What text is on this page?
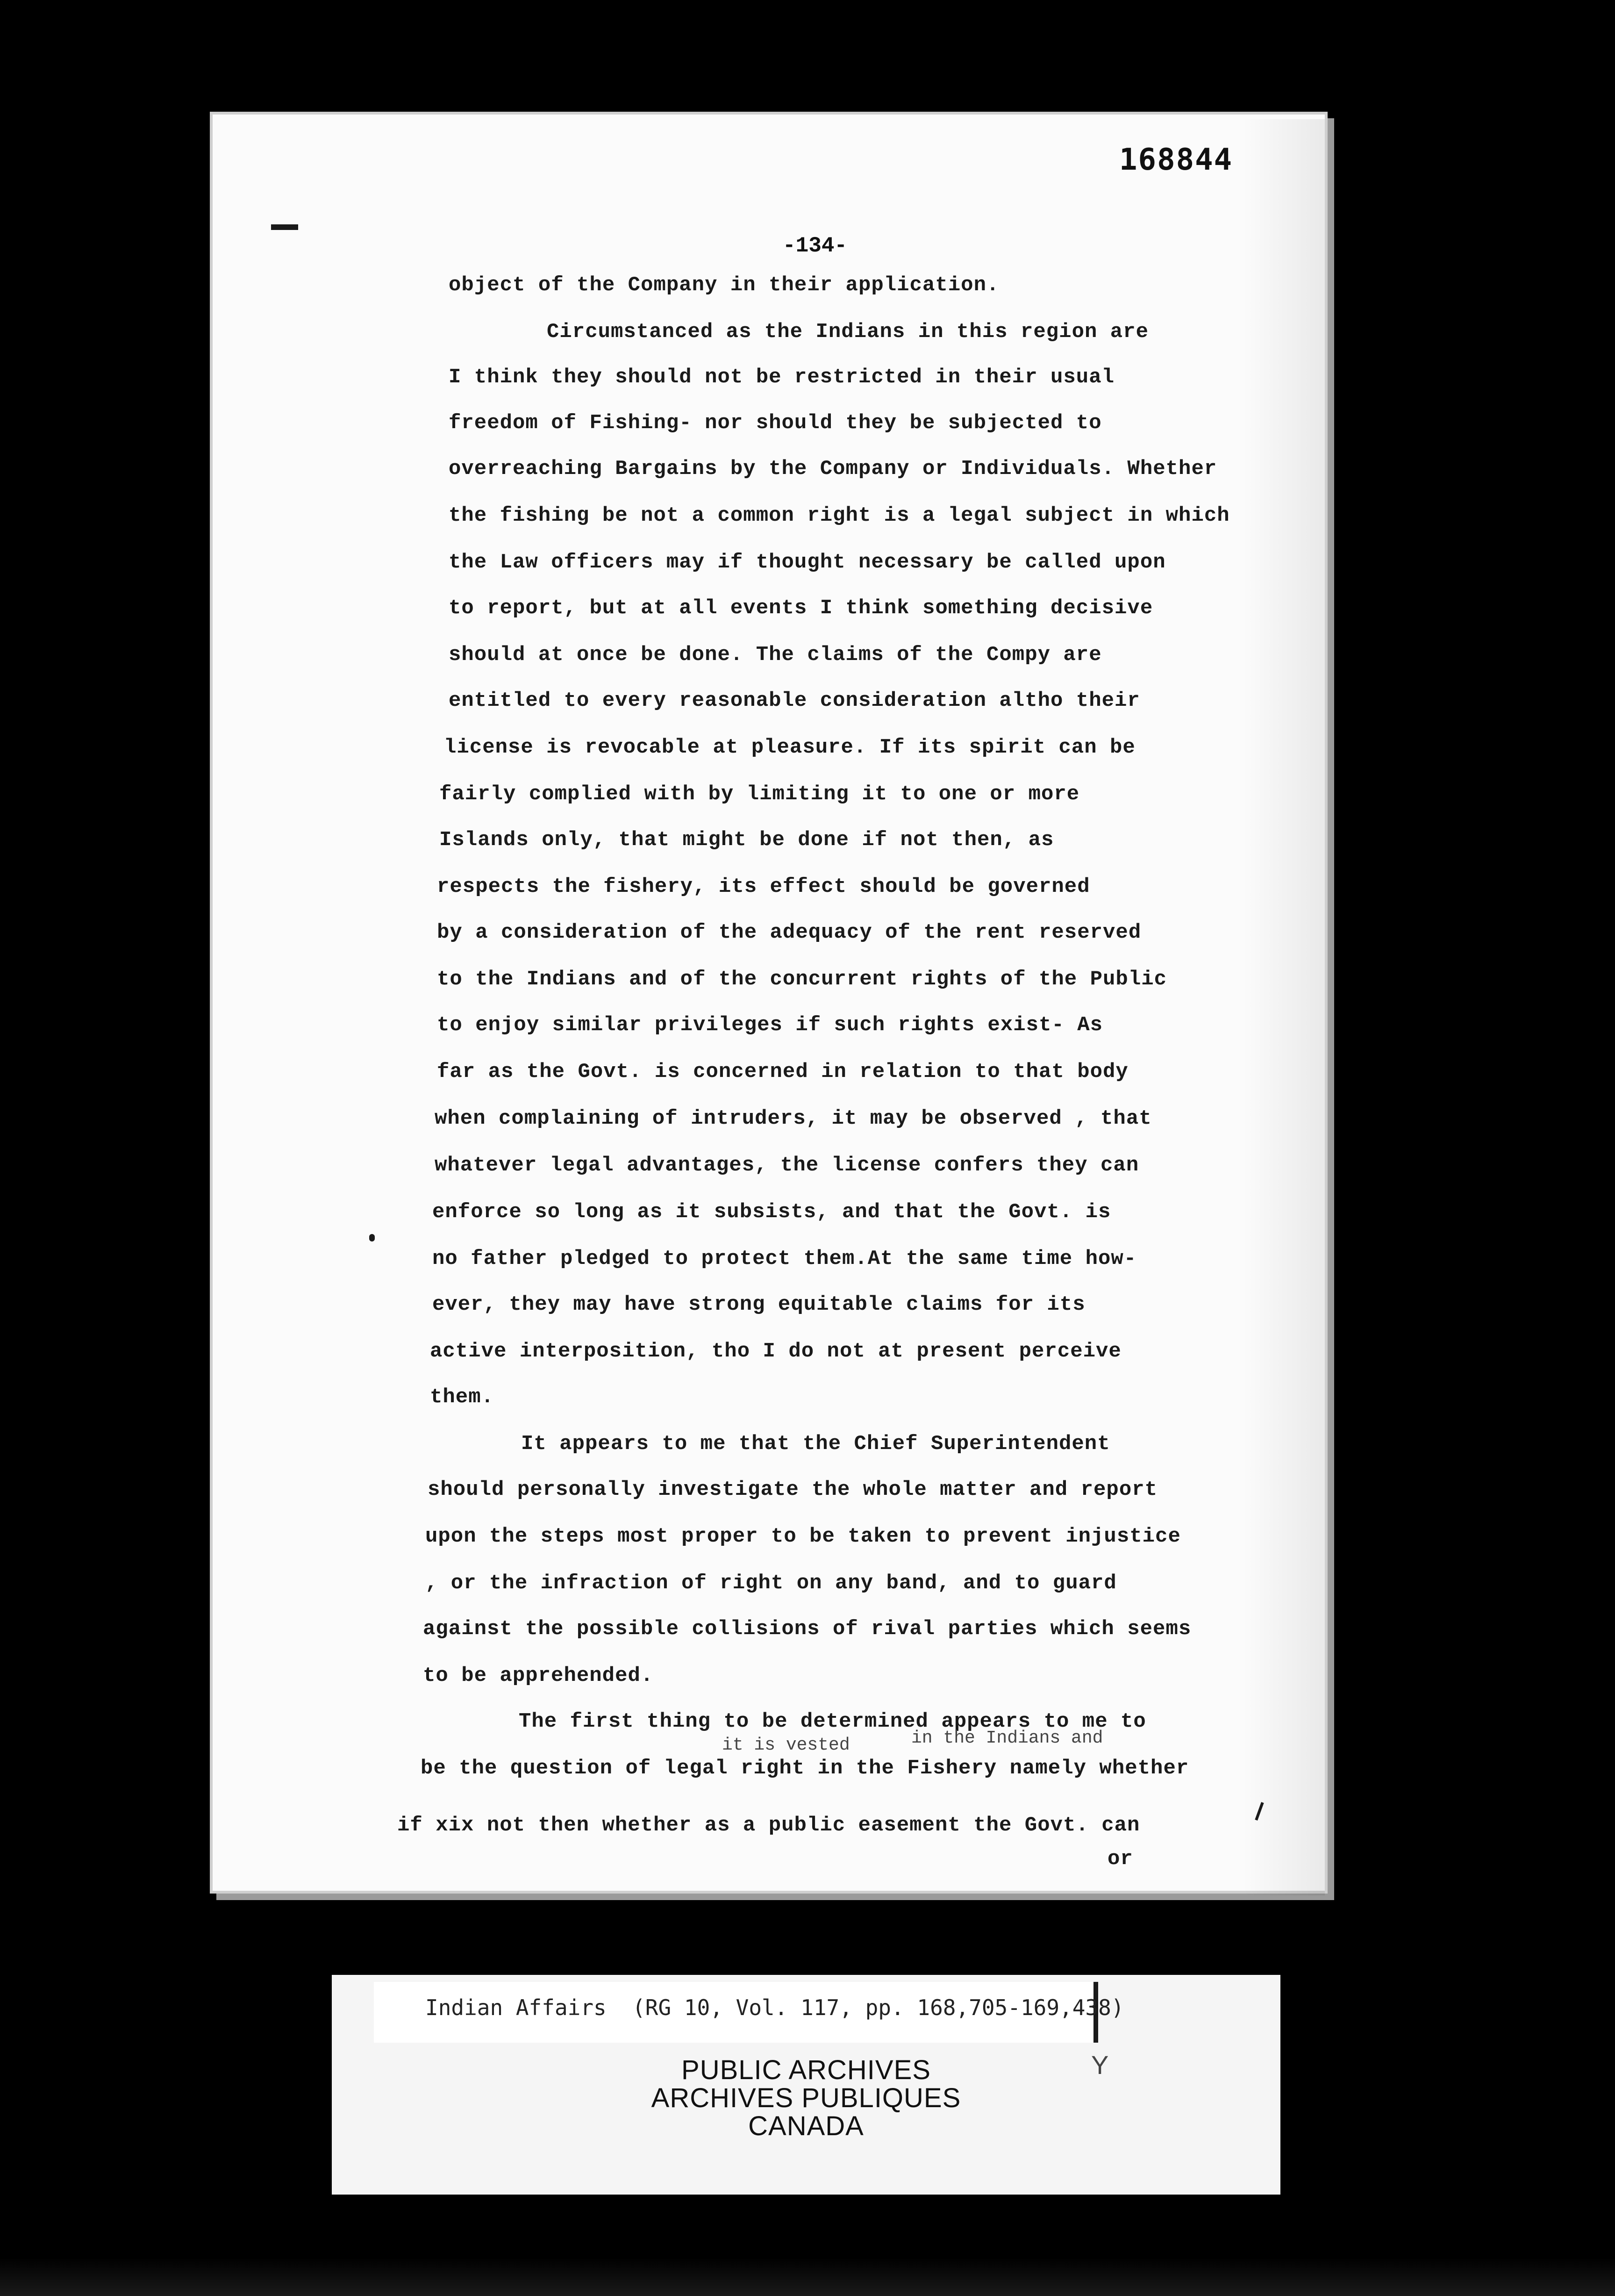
168844
-134-
object of the Company in their application.
Circumstanced as the Indians in this region are
I think they should not be restricted in their usual
freedom of Fishing- nor should they be subjected to
overreaching Bargains by the Company or Individuals. Whether
the fishing be not a common right is a legal subject in which
the Law officers may if thought necessary be called upon
to report, but at all events I think something decisive
should at once be done. The claims of the Compy are
entitled to every reasonable consideration altho their
license is revocable at pleasure. If its spirit can be
fairly complied with by limiting it to one or more
Islands only, that might be done if not then, as
respects the fishery, its effect should be governed
by a consideration of the adequacy of the rent reserved
to the Indians and of the concurrent rights of the Public
to enjoy similar privileges if such rights exist- As
far as the Govt. is concerned in relation to that body
when complaining of intruders, it may be observed , that
whatever legal advantages, the license confers they can
enforce so long as it subsists, and that the Govt. is
no father pledged to protect them.At the same time how-
ever, they may have strong equitable claims for its
active interposition, tho I do not at present perceive
them.
It appears to me that the Chief Superintendent
should personally investigate the whole matter and report
upon the steps most proper to be taken to prevent injustice
, or the infraction of right on any band, and to guard
against the possible collisions of rival parties which seems
to be apprehended.
The first thing to be determined appears to me to
be the question of legal right in the Fishery namely whether
if xix not then whether as a public easement the Govt. can
or
it is vested	in the Indians and
Indian Affairs  (RG 10, Vol. 117, pp. 168,705-169,438)
PUBLIC ARCHIVES
ARCHIVES PUBLIQUES
CANADA
Y
